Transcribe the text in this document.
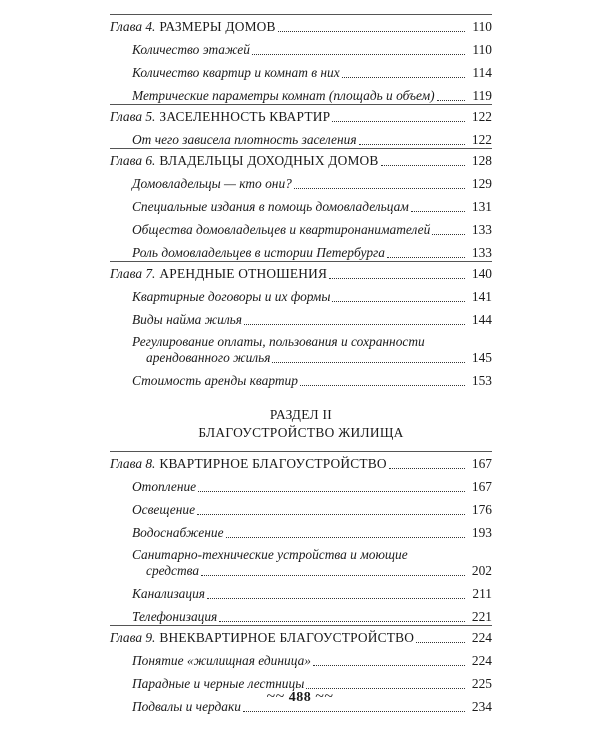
Глава 4. РАЗМЕРЫ ДОМОВ	110
Количество этажей	110
Количество квартир и комнат в них	114
Метрические параметры комнат (площадь и объем)	119
Глава 5. ЗАСЕЛЕННОСТЬ КВАРТИР	122
От чего зависела плотность заселения	122
Глава 6. ВЛАДЕЛЬЦЫ ДОХОДНЫХ ДОМОВ	128
Домовладельцы — кто они?	129
Специальные издания в помощь домовладельцам	131
Общества домовладельцев и квартиронанимателей	133
Роль домовладельцев в истории Петербурга	133
Глава 7. АРЕНДНЫЕ ОТНОШЕНИЯ	140
Квартирные договоры и их формы	141
Виды найма жилья	144
Регулирование оплаты, пользования и сохранности
арендованного жилья	145
Стоимость аренды квартир	153
РАЗДЕЛ II
БЛАГОУСТРОЙСТВО ЖИЛИЩА
Глава 8. КВАРТИРНОЕ БЛАГОУСТРОЙСТВО	167
Отопление	167
Освещение	176
Водоснабжение	193
Санитарно-технические устройства и моющие
средства	202
Канализация	211
Телефонизация	221
Глава 9. ВНЕКВАРТИРНОЕ БЛАГОУСТРОЙСТВО	224
Понятие «жилищная единица»	224
Парадные и черные лестницы	225
Подвалы и чердаки	234
~~ 488 ~~
